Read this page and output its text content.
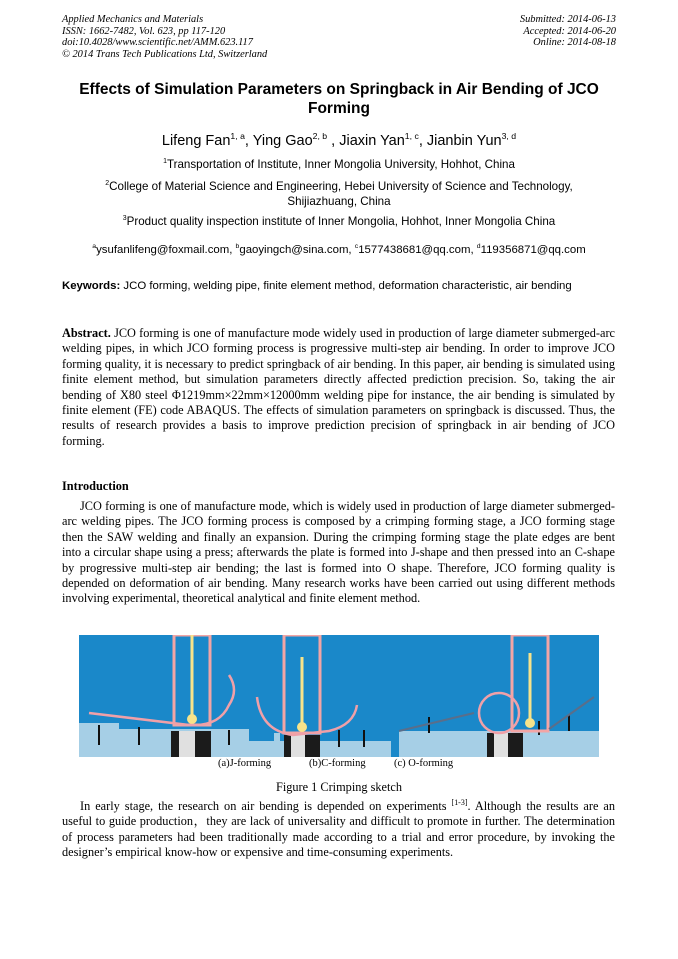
Applied Mechanics and Materials
ISSN: 1662-7482, Vol. 623, pp 117-120
doi:10.4028/www.scientific.net/AMM.623.117
© 2014 Trans Tech Publications Ltd, Switzerland
Submitted: 2014-06-13
Accepted: 2014-06-20
Online: 2014-08-18
Effects of Simulation Parameters on Springback in Air Bending of JCO Forming
Lifeng Fan$^{1, a}$, Ying Gao$^{2, b}$ , Jiaxin Yan$^{1, c}$, Jianbin Yun$^{3, d}$
$^1$Transportation of Institute, Inner Mongolia University, Hohhot, China
$^2$College of Material Science and Engineering, Hebei University of Science and Technology, Shijiazhuang, China
$^3$Product quality inspection institute of Inner Mongolia, Hohhot, Inner Mongolia China
$^a$ysufanlifeng@foxmail.com, $^b$gaoyingch@sina.com, $^c$1577438681@qq.com, $^d$119356871@qq.com
Keywords: JCO forming, welding pipe, finite element method, deformation characteristic, air bending
Abstract. JCO forming is one of manufacture mode widely used in production of large diameter submerged-arc welding pipes, in which JCO forming process is progressive multi-step air bending. In order to improve JCO forming quality, it is necessary to predict springback of air bending. In this paper, air bending is simulated using finite element method, but simulation parameters directly affected prediction precision. So, taking the air bending of X80 steel Φ1219mm×22mm×12000mm welding pipe for instance, the air bending is simulated by finite element (FE) code ABAQUS. The effects of simulation parameters on springback is discussed. Thus, the results of research provides a basis to improve prediction precision of springback in air bending of JCO forming.
Introduction
JCO forming is one of manufacture mode, which is widely used in production of large diameter submerged-arc welding pipes. The JCO forming process is composed by a crimping forming stage, a JCO forming stage then the SAW welding and finally an expansion. During the crimping forming stage the plate edges are bent into a circular shape using a press; afterwards the plate is formed into J-shape and then pressed into an C-shape by progressive multi-step air bending; the last is formed into O shape. Therefore, JCO forming quality is depended on deformation of air bending. Many research works have been carried out using different methods involving experimental, theoretical analytical and finite element method.
(a)J-forming	(b)C-forming	(c) O-forming
Figure 1 Crimping sketch
In early stage, the research on air bending is depended on experiments [1-3]. Although the results are an useful to guide production，they are lack of universality and difficult to promote in further. The determination of process parameters had been traditionally made according to a trial and error procedure, by invoking the designer’s empirical know-how or expensive and time-consuming experiments.
